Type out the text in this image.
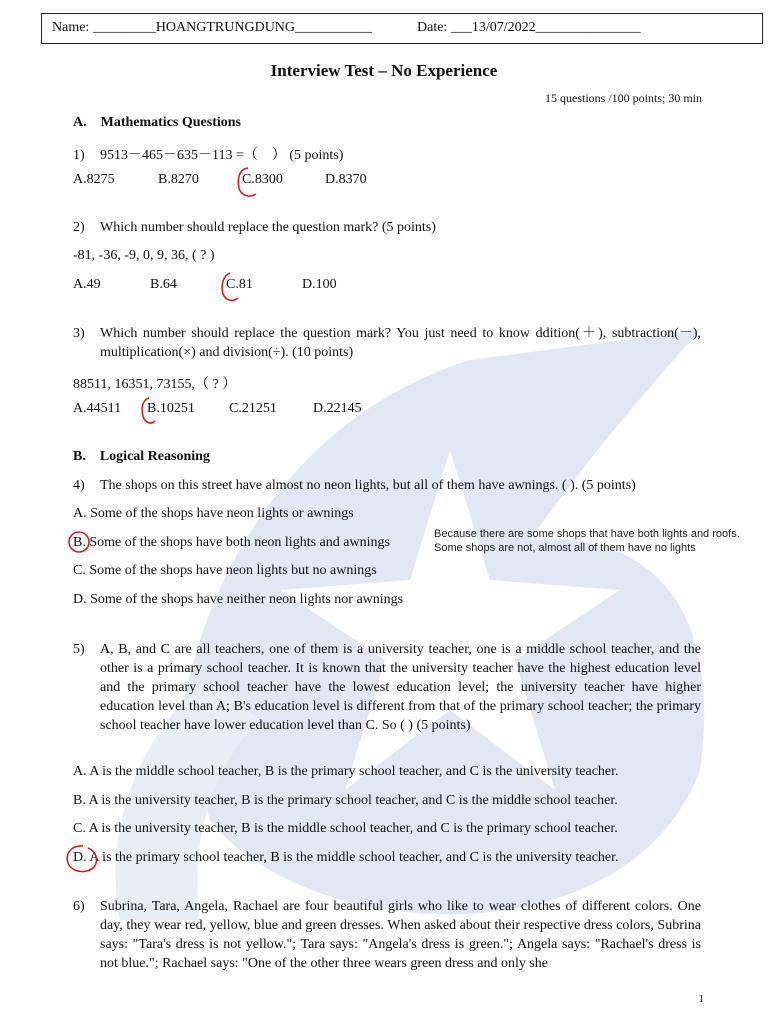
Name: _________HOANGTRUNGDUNG___________	Date: ___13/07/2022_______________
Interview Test – No Experience
15 questions /100 points; 30 min
A. Mathematics Questions
1) 9513－465－635－113 =（　） (5 points)
A.8275	B.8270	C.8300	D.8370
2) Which number should replace the question mark? (5 points)
-81, -36, -9, 0, 9, 36, ( ? )
A.49	B.64	C.81	D.100
3) Which number should replace the question mark? You just need to know ddition(＋), subtraction(－), multiplication(×) and division(÷). (10 points)
88511, 16351, 73155,（ ? ）
A.44511 B.10251 C.21251	D.22145
B. Logical Reasoning
4) The shops on this street have almost no neon lights, but all of them have awnings. ( ). (5 points)
A. Some of the shops have neon lights or awnings
B. Some of the shops have both neon lights and awnings
C. Some of the shops have neon lights but no awnings
D. Some of the shops have neither neon lights nor awnings
Because there are some shops that have both lights and roofs.
Some shops are not, almost all of them have no lights
5) A, B, and C are all teachers, one of them is a university teacher, one is a middle school teacher, and the other is a primary school teacher. It is known that the university teacher have the highest education level and the primary school teacher have the lowest education level; the university teacher have higher education level than A; B's education level is different from that of the primary school teacher; the primary school teacher have lower education level than C. So ( ) (5 points)
A. A is the middle school teacher, B is the primary school teacher, and C is the university teacher.
B. A is the university teacher, B is the primary school teacher, and C is the middle school teacher.
C. A is the university teacher, B is the middle school teacher, and C is the primary school teacher.
D. A is the primary school teacher, B is the middle school teacher, and C is the university teacher.
6) Subrina, Tara, Angela, Rachael are four beautiful girls who like to wear clothes of different colors. One day, they wear red, yellow, blue and green dresses. When asked about their respective dress colors, Subrina says: "Tara's dress is not yellow."; Tara says: "Angela's dress is green."; Angela says: "Rachael's dress is not blue."; Rachael says: "One of the other three wears green dress and only she
1
